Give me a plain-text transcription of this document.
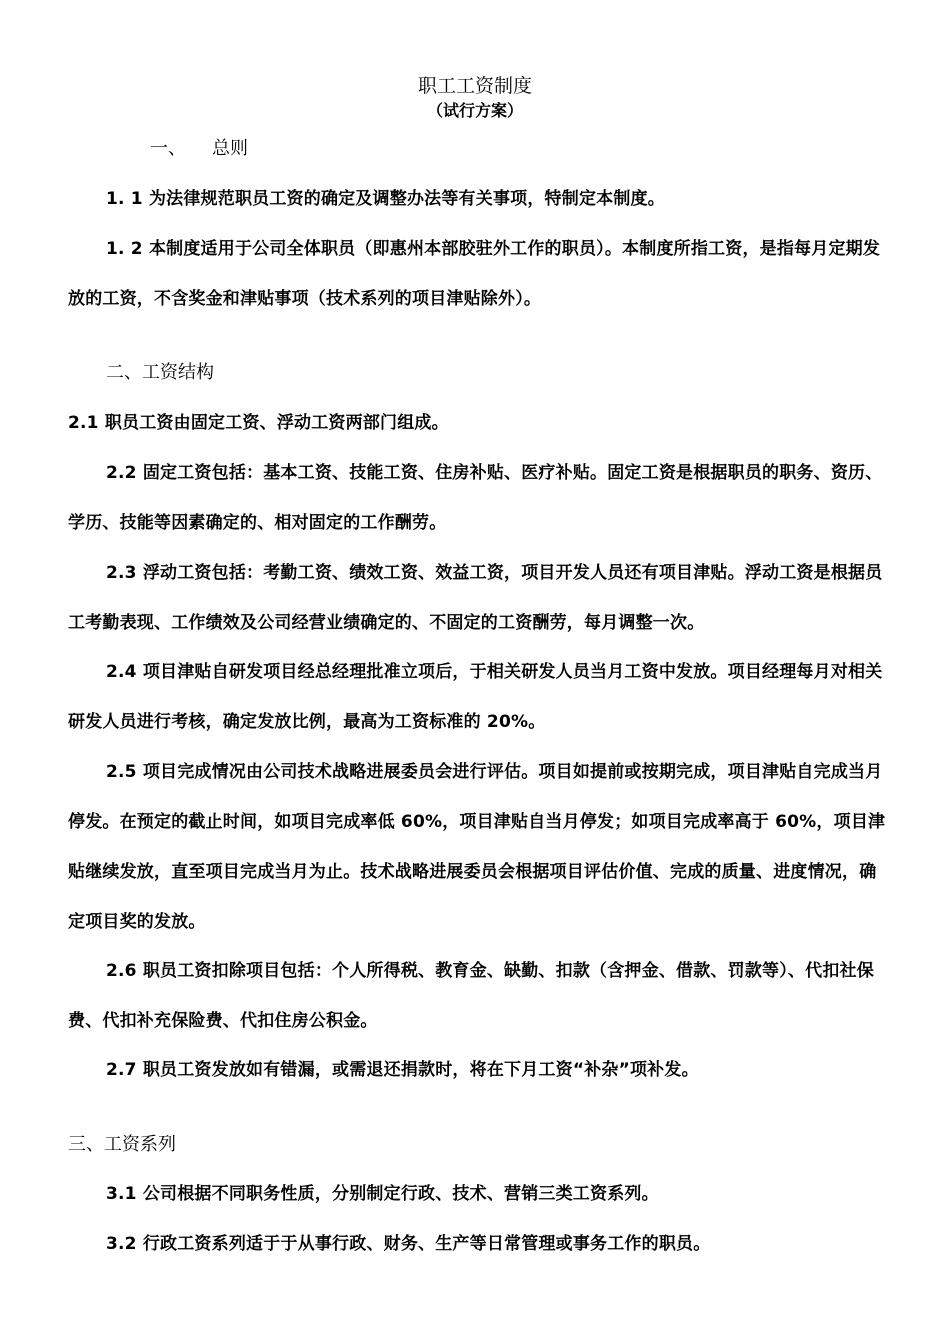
职工工资制度
（试行方案）
一、 总则
1. 1 为法律规范职员工资的确定及调整办法等有关事项，特制定本制度。
1. 2 本制度适用于公司全体职员（即惠州本部胶驻外工作的职员）。本制度所指工资，是指每月定期发放的工资，不含奖金和津贴事项（技术系列的项目津贴除外）。
二、工资结构
2.1 职员工资由固定工资、浮动工资两部门组成。
2.2 固定工资包括：基本工资、技能工资、住房补贴、医疗补贴。固定工资是根据职员的职务、资历、学历、技能等因素确定的、相对固定的工作酬劳。
2.3 浮动工资包括：考勤工资、绩效工资、效益工资，项目开发人员还有项目津贴。浮动工资是根据员工考勤表现、工作绩效及公司经营业绩确定的、不固定的工资酬劳，每月调整一次。
2.4 项目津贴自研发项目经总经理批准立项后，于相关研发人员当月工资中发放。项目经理每月对相关研发人员进行考核，确定发放比例，最高为工资标准的 20%。
2.5 项目完成情况由公司技术战略进展委员会进行评估。项目如提前或按期完成，项目津贴自完成当月停发。在预定的截止时间，如项目完成率低 60%，项目津贴自当月停发；如项目完成率高于 60%，项目津贴继续发放，直至项目完成当月为止。技术战略进展委员会根据项目评估价值、完成的质量、进度情况，确定项目奖的发放。
2.6 职员工资扣除项目包括：个人所得税、教育金、缺勤、扣款（含押金、借款、罚款等）、代扣社保费、代扣补充保险费、代扣住房公积金。
2.7 职员工资发放如有错漏，或需退还捐款时，将在下月工资“补杂”项补发。
三、工资系列
3.1 公司根据不同职务性质，分别制定行政、技术、营销三类工资系列。
3.2 行政工资系列适于于从事行政、财务、生产等日常管理或事务工作的职员。
